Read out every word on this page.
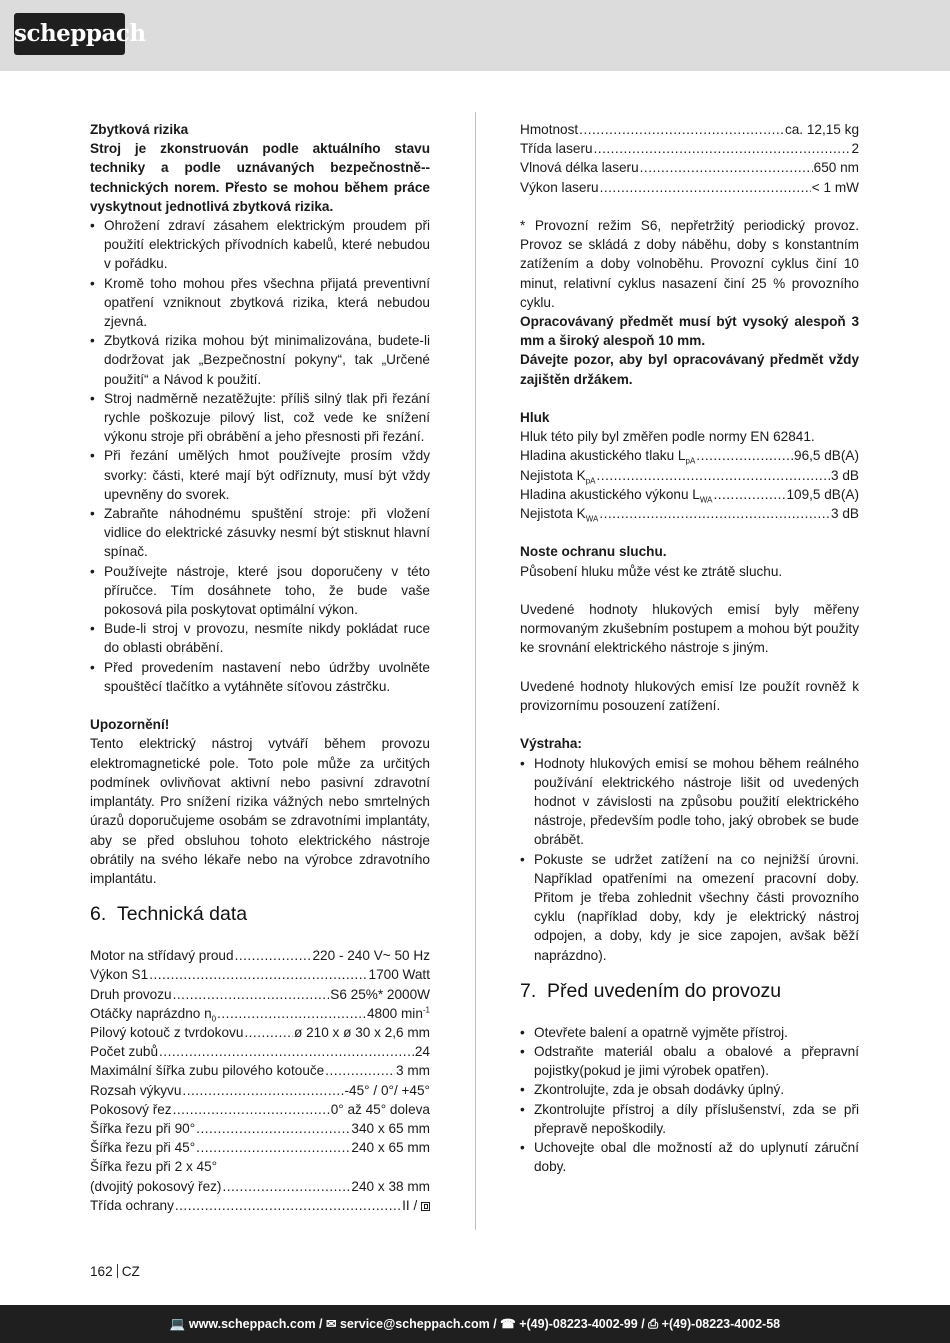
scheppach

Zbytková rizika

Stroj je zkonstruován podle aktuálního stavu techniky a podle uznávaných bezpečnostně--technických norem. Přesto se mohou během práce vyskytnout jednotlivá zbytková rizika.

• Ohrožení zdraví zásahem elektrickým proudem při použití elektrických přívodních kabelů, které nebudou v pořádku.
• Kromě toho mohou přes všechna přijatá preventivní opatření vzniknout zbytková rizika, která nebudou zjevná.
• Zbytková rizika mohou být minimalizována, budete-li dodržovat jak „Bezpečnostní pokyny“, tak „Určené použití“ a Návod k použití.
• Stroj nadměrně nezatěžujte: příliš silný tlak při řezání rychle poškozuje pilový list, což vede ke snížení výkonu stroje při obrábění a jeho přesnosti při řezání.
• Při řezání umělých hmot používejte prosím vždy svorky: části, které mají být odříznuty, musí být vždy upevněny do svorek.
• Zabraňte náhodnému spuštění stroje: při vložení vidlice do elektrické zásuvky nesmí být stisknut hlavní spínač.
• Používejte nástroje, které jsou doporučeny v této příručce. Tím dosáhnete toho, že bude vaše pokosová pila poskytovat optimální výkon.
• Bude-li stroj v provozu, nesmíte nikdy pokládat ruce do oblasti obrábění.
• Před provedením nastavení nebo údržby uvolněte spouštěcí tlačítko a vytáhněte síťovou zástrčku.

Upozornění!

Tento elektrický nástroj vytváří během provozu elektromagnetické pole. Toto pole může za určitých podmínek ovlivňovat aktivní nebo pasivní zdravotní implantáty. Pro snížení rizika vážných nebo smrtelných úrazů doporučujeme osobám se zdravotními implantáty, aby se před obsluhou tohoto elektrického nástroje obrátily na svého lékaře nebo na výrobce zdravotního implantátu.

6. Technická data
Motor na střídavý proud .....	220 - 240 V~ 50 Hz
Výkon S1 .....	1700 Watt
Druh provozu .....	S6 25%* 2000W
Otáčky naprázdno $n_0$ .....	4800 $\min^{-1}$
Pilový kotouč z tvrdokovu .....	ø 210 x ø 30 x 2,6 mm
Počet zubů .....	24
Maximální šířka zubu pilového kotouče .....	3 mm
Rozsah výkyvu .....	-45° / 0°/ +45°
Pokosový řez .....	0° až 45° doleva
Šířka řezu při 90° .....	340 x 65 mm
Šířka řezu při 45° .....	240 x 65 mm
Šířka řezu při 2 x 45°
(dvojitý pokosový řez) .....	240 x 38 mm
Třída ochrany .....	II /
Hmotnost .....	ca. 12,15 kg
Třída laseru .....	2
Vlnová délka laseru .....	650 nm
Výkon laseru .....	< 1 mW

* Provozní režim S6, nepřetržitý periodický provoz. Provoz se skládá z doby náběhu, doby s konstantním zatížením a doby volnoběhu. Provozní cyklus činí 10 minut, relativní cyklus nasazení činí 25 % provozního cyklu.

Opracovávaný předmět musí být vysoký alespoň 3 mm a široký alespoň 10 mm.

Dávejte pozor, aby byl opracovávaný předmět vždy zajištěn držákem.

Hluk

Hluk této pily byl změřen podle normy EN 62841.

Hladina akustického tlaku $L_{pA}$ .....	96,5 dB(A)
Nejistota $K_{pA}$ .....	3 dB
Hladina akustického výkonu $L_{WA}$ .....	109,5 dB(A)
Nejistota $K_{WA}$ .....	3 dB

Noste ochranu sluchu.

Působení hluku může vést ke ztrátě sluchu.

Uvedené hodnoty hlukových emisí byly měřeny normovaným zkušebním postupem a mohou být použity ke srovnání elektrického nástroje s jiným.

Uvedené hodnoty hlukových emisí lze použít rovněž k provizornímu posouzení zatížení.

Výstraha:

• Hodnoty hlukových emisí se mohou během reálného používání elektrického nástroje lišit od uvedených hodnot v závislosti na způsobu použití elektrického nástroje, především podle toho, jaký obrobek se bude obrábět.
• Pokuste se udržet zatížení na co nejnižší úrovni. Například opatřeními na omezení pracovní doby. Přitom je třeba zohlednit všechny části provozního cyklu (například doby, kdy je elektrický nástroj odpojen, a doby, kdy je sice zapojen, avšak běží naprázdno).
7. Před uvedením do provozu
• Otevřete balení a opatrně vyjměte přístroj.
• Odstraňte materiál obalu a obalové a přepravní pojistky(pokud je jimi výrobek opatřen).
• Zkontrolujte, zda je obsah dodávky úplný.
• Zkontrolujte přístroj a díly příslušenství, zda se při přepravě nepoškodily.
• Uchovejte obal dle možností až do uplynutí záruční doby.
162 CZ
💻 www.scheppach.com / ✉ service@scheppach.com / ☎ +(49)-08223-4002-99 / ⎙ +(49)-08223-4002-58
